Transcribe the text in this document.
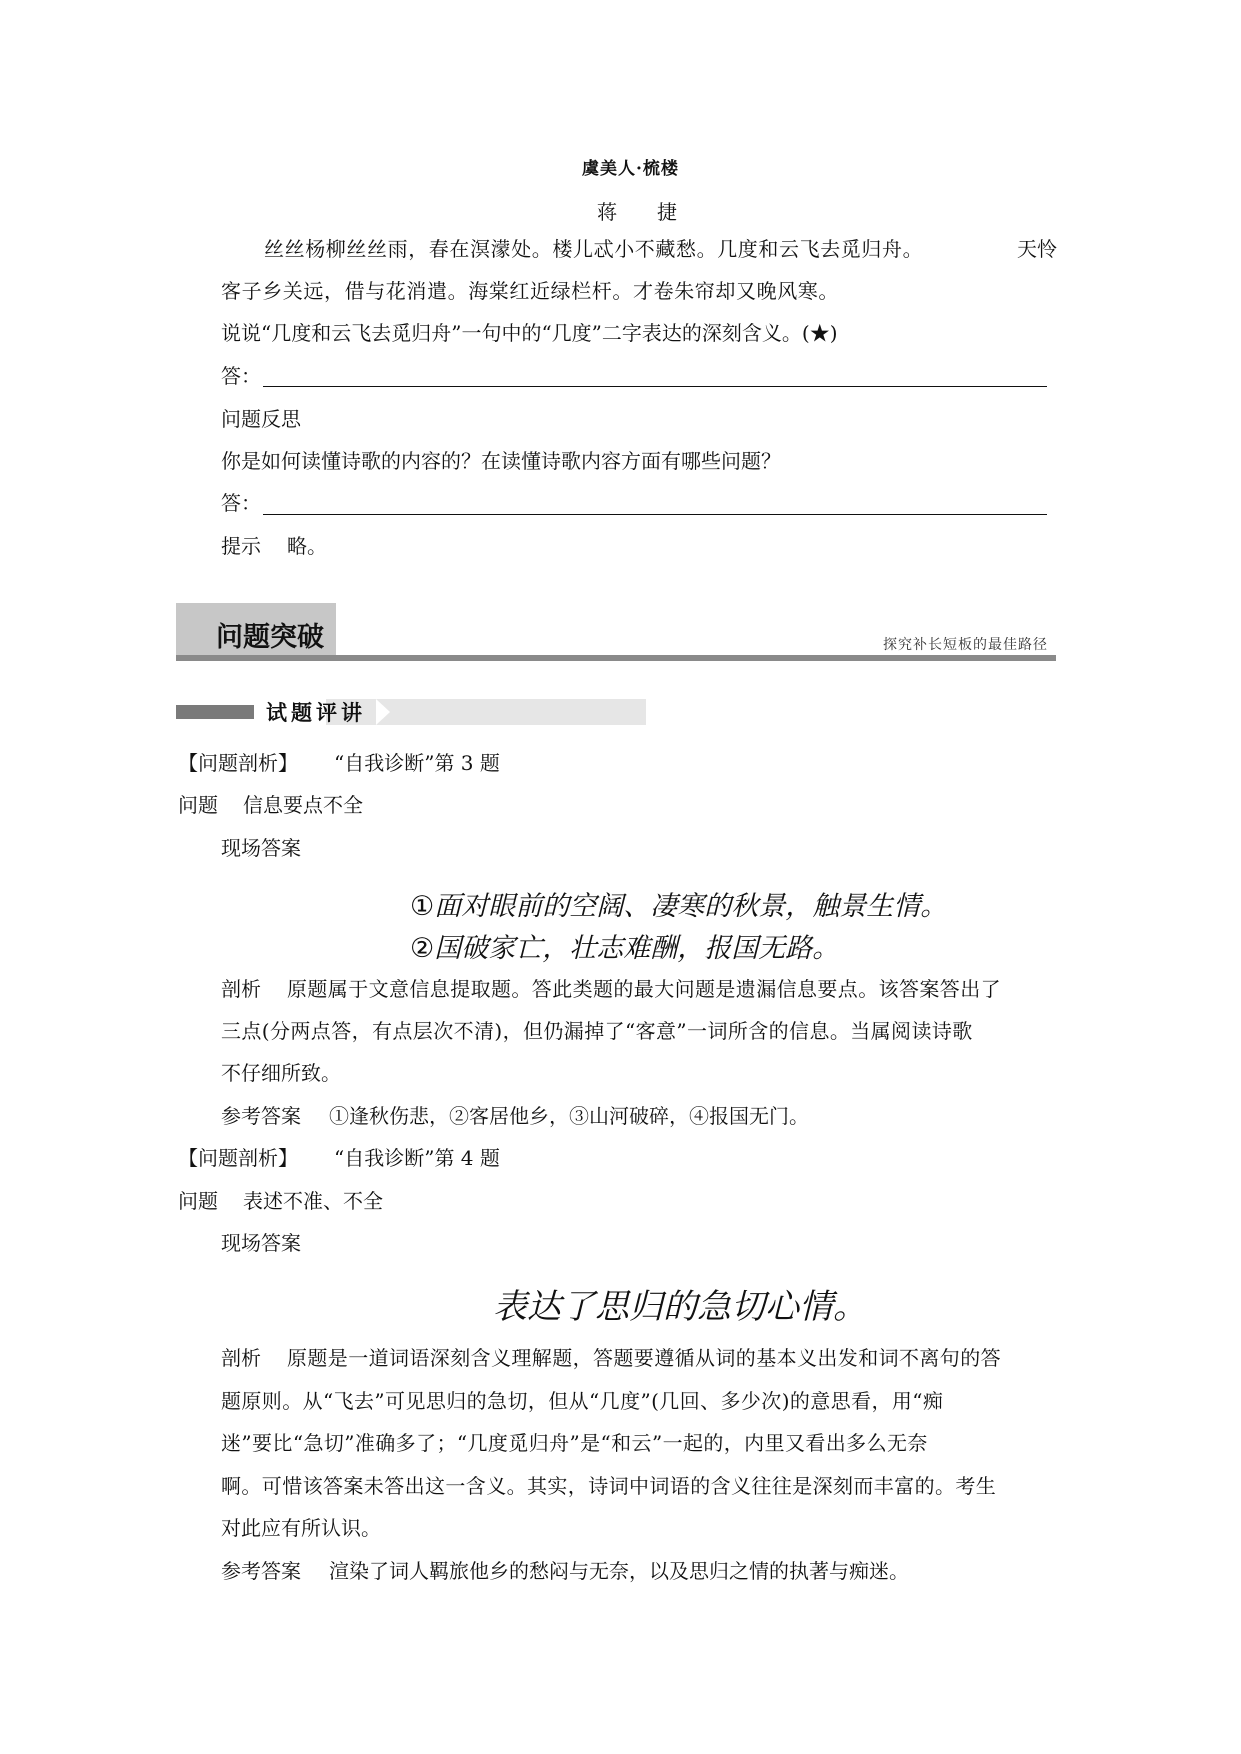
虞美人·梳楼
蒋　捷
丝丝杨柳丝丝雨，春在溟濛处。楼儿忒小不藏愁。几度和云飞去觅归舟。	天怜
客子乡关远，借与花消遣。海棠红近绿栏杆。才卷朱帘却又晚风寒。
说说“几度和云飞去觅归舟”一句中的“几度”二字表达的深刻含义。(★)
答：
问题反思
你是如何读懂诗歌的内容的？在读懂诗歌内容方面有哪些问题？
答：
提示 略。
问题突破	探究补长短板的最佳路径
试题评讲
【问题剖析】 “自我诊断”第 3 题
问题 信息要点不全
现场答案
①面对眼前的空阔、凄寒的秋景，触景生情。
②国破家亡，壮志难酬，报国无路。
剖析 原题属于文意信息提取题。答此类题的最大问题是遗漏信息要点。该答案答出了
三点(分两点答，有点层次不清)，但仍漏掉了“客意”一词所含的信息。当属阅读诗歌
不仔细所致。
参考答案 ①逢秋伤悲，②客居他乡，③山河破碎，④报国无门。
【问题剖析】 “自我诊断”第 4 题
问题 表述不准、不全
现场答案
表达了思归的急切心情。
剖析 原题是一道词语深刻含义理解题，答题要遵循从词的基本义出发和词不离句的答
题原则。从“飞去”可见思归的急切，但从“几度”(几回、多少次)的意思看，用“痴
迷”要比“急切”准确多了；“几度觅归舟”是“和云”一起的，内里又看出多么无奈
啊。可惜该答案未答出这一含义。其实，诗词中词语的含义往往是深刻而丰富的。考生
对此应有所认识。
参考答案 渲染了词人羁旅他乡的愁闷与无奈，以及思归之情的执著与痴迷。
